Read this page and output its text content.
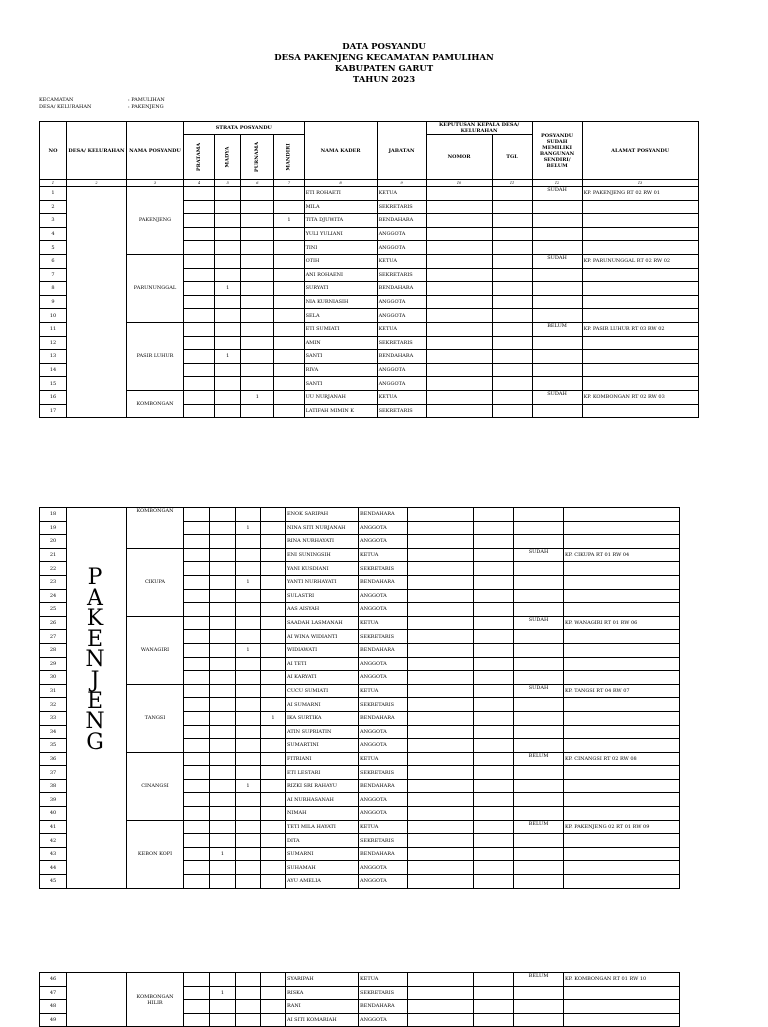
DATA POSYANDU
DESA PAKENJENG KECAMATAN PAMULIHAN
KABUPATEN GARUT
TAHUN 2023
KECAMATAN	: PAMULIHAN
DESA/ KELURAHAN	: PAKENJENG
NO	DESA/ KELURAHAN	NAMA POSYANDU	STRATA POSYANDU				NAMA KADER	JABATAN	KEPUTUSAN KEPALA DESA/ KELURAHAN		POSYANDU SUDAH MEMILIKI BANGUNAN SENDIRI/ BELUM	ALAMAT POSYANDU
			PRATAMA	MADYA	PURNAMA	MANDIRI			NOMOR	TGL		
1	2	3	4	5	6	7	8	9	10	11	12	13
1		PAKENJENG					ETI ROHAETI	KETUA			SUDAH	KP. PAKENJENG RT 02 RW 01
2							MILA	SEKRETARIS				
3						1	TITA DJUWITA	BENDAHARA				
4							YULI YULIANI	ANGGOTA				
5							TINI	ANGGOTA				
6		PARUNUNGGAL					OTIH	KETUA			SUDAH	KP. PARUNUNGGAL RT 02 RW 02
7							ANI ROHAENI	SEKRETARIS				
8				1			SURYATI	BENDAHARA				
9							NIA KURNIASIH	ANGGOTA				
10							SELA	ANGGOTA				
11		PASIR LUHUR					ETI SUMIATI	KETUA			BELUM	KP. PASIR LUHUR RT 03 RW 02
12							AMIN	SEKRETARIS				
13				1			SANTI	BENDAHARA				
14							RIVA	ANGGOTA				
15							SANTI	ANGGOTA				
16		KOMBONGAN			1		UU NURJANAH	KETUA			SUDAH	KP. KOMBONGAN RT 02 RW 03
17							LATIFAH MIMIN K	SEKRETARIS				
18		KOMBONGAN					ENOK SARIPAH	BENDAHARA				
19					1		NINA SITI NURJANAH	ANGGOTA				
20							RINA NURHAYATI	ANGGOTA				
21		CIKUPA					ENI SUNINGSIH	KETUA			SUDAH	KP. CIKUPA RT 01 RW 04
22							YANI KUSDIANI	SEKRETARIS				
23					1		YANTI NURHAYATI	BENDAHARA				
24							SULASTRI	ANGGOTA				
25							AAS AISYAH	ANGGOTA				
26		WANAGIRI					SAADAH LASMANAH	KETUA			SUDAH	KP. WANAGIRI RT 01 RW 06
27							AI WINA WIDIANTI	SEKRETARIS				
28					1		WIDIAWATI	BENDAHARA				
29							AI TETI	ANGGOTA				
30							AI KARYATI	ANGGOTA				
31		TANGSI					CUCU SUMIATI	KETUA			SUDAH	KP. TANGSI RT 04 RW 07
32							AI SUMARNI	SEKRETARIS				
33						1	IKA SURTIKA	BENDAHARA				
34							ATIN SUPRIATIN	ANGGOTA				
35							SUMARTINI	ANGGOTA				
36		CINANGSI					FITRIANI	KETUA			BELUM	KP. CINANGSI RT 02 RW 08
37							ETI LESTARI	SEKRETARIS				
38					1		RIZKI SRI RAHAYU	BENDAHARA				
39							AI NURHASANAH	ANGGOTA				
40							NIMAH	ANGGOTA				
41		KEBON KOPI					TETI MILA HAYATI	KETUA			BELUM	KP. PAKENJENG 02 RT 01 RW 09
42							DITA	SEKRETARIS				
43				1			SUMARNI	BENDAHARA				
44							SUHAMAH	ANGGOTA				
45							AYU AMELIA	ANGGOTA				
46		KOMBONGAN HILIR					SYARIPAH	KETUA			BELUM	KP. KOMBONGAN RT 01 RW 10
47				1			RISKA	SEKRETARIS				
48							RANI	BENDAHARA				
49							AI SITI KOMARIAH	ANGGOTA				
P
A
K
E
N
J
E
N
G
